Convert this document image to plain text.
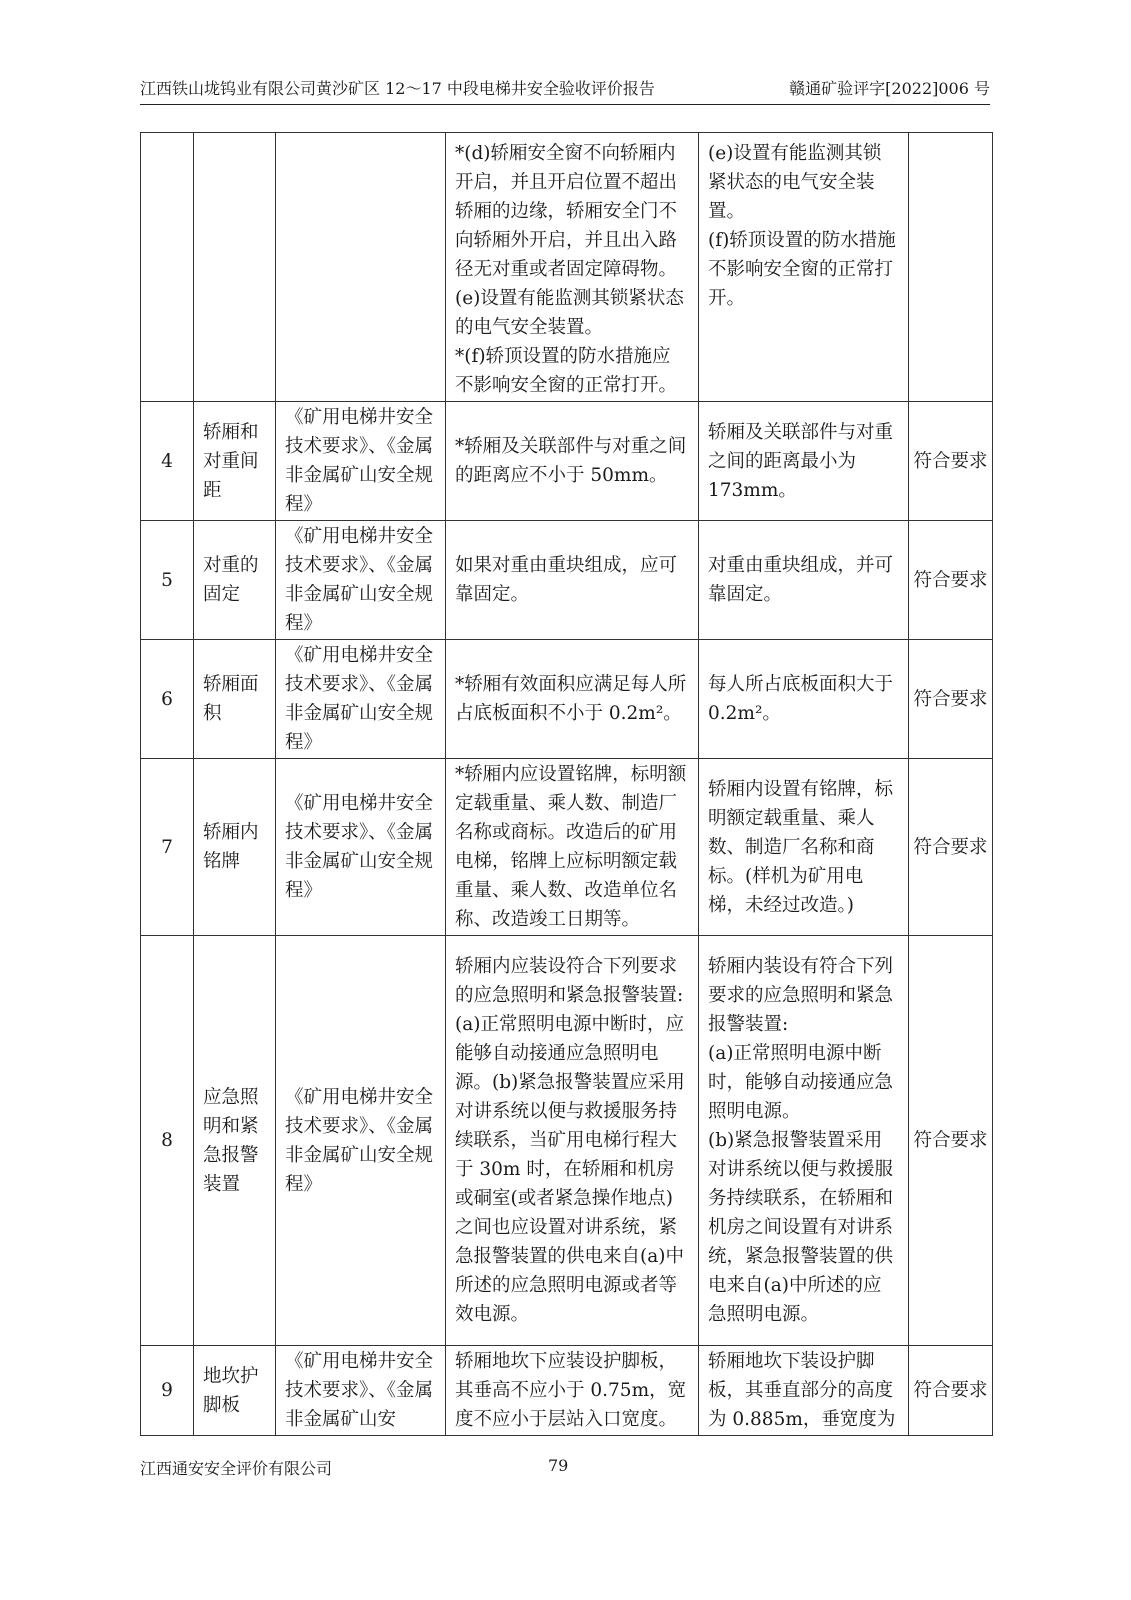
江西铁山垅钨业有限公司黄沙矿区 12～17 中段电梯井安全验收评价报告	赣通矿验评字[2022]006 号
			*(d)轿厢安全窗不向轿厢内开启，并且开启位置不超出轿厢的边缘，轿厢安全门不向轿厢外开启，并且出入路径无对重或者固定障碍物。
(e)设置有能监测其锁紧状态的电气安全装置。
*(f)轿顶设置的防水措施应不影响安全窗的正常打开。	(e)设置有能监测其锁紧状态的电气安全装置。
(f)轿顶设置的防水措施不影响安全窗的正常打开。	
4	轿厢和对重间距	《矿用电梯井安全技术要求》、《金属非金属矿山安全规程》	*轿厢及关联部件与对重之间的距离应不小于 50mm。	轿厢及关联部件与对重之间的距离最小为 173mm。	符合要求
5	对重的固定	《矿用电梯井安全技术要求》、《金属非金属矿山安全规程》	如果对重由重块组成，应可靠固定。	对重由重块组成，并可靠固定。	符合要求
6	轿厢面积	《矿用电梯井安全技术要求》、《金属非金属矿山安全规程》	*轿厢有效面积应满足每人所占底板面积不小于 0.2m²。	每人所占底板面积大于 0.2m²。	符合要求
7	轿厢内铭牌	《矿用电梯井安全技术要求》、《金属非金属矿山安全规程》	*轿厢内应设置铭牌，标明额定载重量、乘人数、制造厂名称或商标。改造后的矿用电梯，铭牌上应标明额定载重量、乘人数、改造单位名称、改造竣工日期等。	轿厢内设置有铭牌，标明额定载重量、乘人数、制造厂名称和商标。(样机为矿用电梯，未经过改造。)	符合要求
8	应急照明和紧急报警装置	《矿用电梯井安全技术要求》、《金属非金属矿山安全规程》	轿厢内应装设符合下列要求的应急照明和紧急报警装置:
(a)正常照明电源中断时，应能够自动接通应急照明电源。(b)紧急报警装置应采用对讲系统以便与救援服务持续联系，当矿用电梯行程大于 30m 时，在轿厢和机房或硐室(或者紧急操作地点)之间也应设置对讲系统，紧急报警装置的供电来自(a)中所述的应急照明电源或者等效电源。	轿厢内装设有符合下列要求的应急照明和紧急报警装置:
(a)正常照明电源中断时，能够自动接通应急照明电源。
(b)紧急报警装置采用对讲系统以便与救援服务持续联系，在轿厢和机房之间设置有对讲系统，紧急报警装置的供电来自(a)中所述的应急照明电源。	符合要求
9	地坎护脚板	《矿用电梯井安全技术要求》、《金属非金属矿山安	轿厢地坎下应装设护脚板，其垂高不应小于 0.75m，宽度不应小于层站入口宽度。	轿厢地坎下装设护脚板，其垂直部分的高度为 0.885m，垂宽度为	符合要求
江西通安安全评价有限公司	79
